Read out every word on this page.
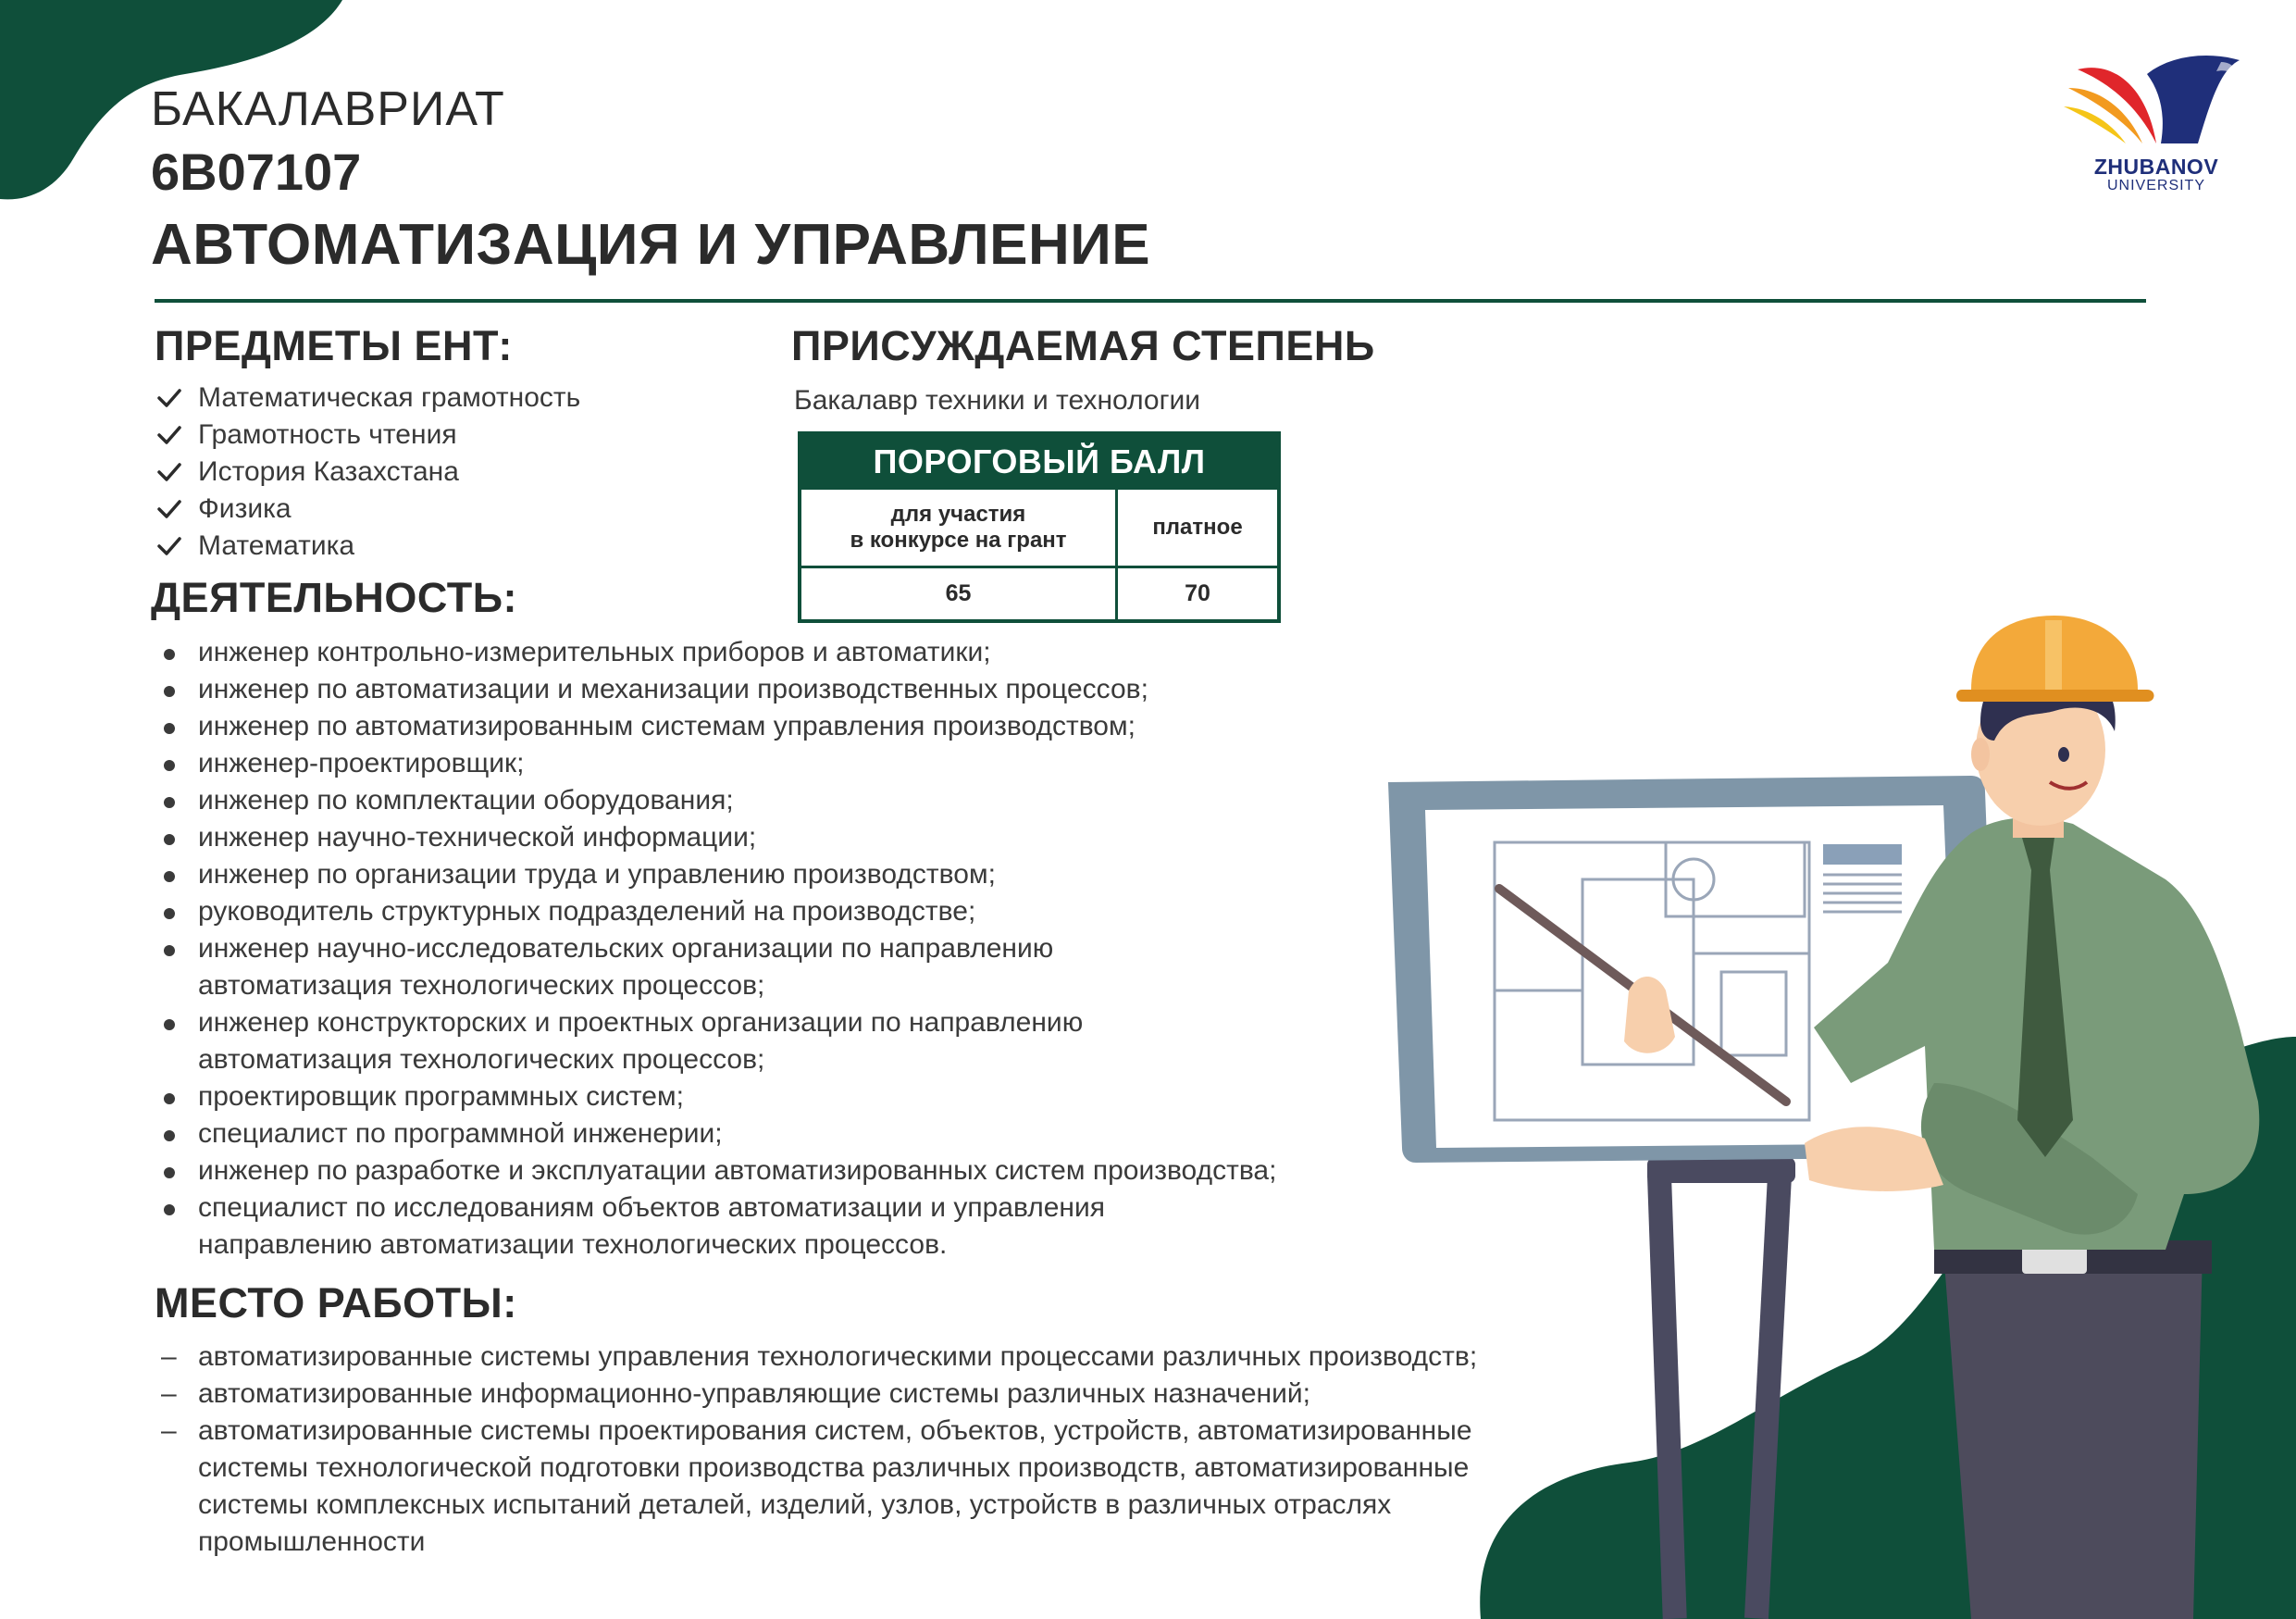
ZHUBANOV
UNIVERSITY
БАКАЛАВРИАТ
6B07107
АВТОМАТИЗАЦИЯ И УПРАВЛЕНИЕ
ПРЕДМЕТЫ ЕНТ:
Математическая грамотность
Грамотность чтения
История Казахстана
Физика
Математика
ПРИСУЖДАЕМАЯ СТЕПЕНЬ
Бакалавр техники и технологии
ПОРОГОВЫЙ БАЛЛ
для участия
в конкурсе на грант
платное
65	70
ДЕЯТЕЛЬНОСТЬ:
инженер контрольно-измерительных приборов и автоматики;
инженер по автоматизации и механизации производственных процессов;
инженер по автоматизированным системам управления производством;
инженер-проектировщик;
инженер по комплектации оборудования;
инженер научно-технической информации;
инженер по организации труда и управлению производством;
руководитель структурных подразделений на производстве;
инженер научно-исследовательских организации по направлению автоматизация технологических процессов;
инженер конструкторских и проектных организации по направлению автоматизация технологических процессов;
проектировщик программных систем;
специалист по программной инженерии;
инженер по разработке и эксплуатации автоматизированных систем производства;
специалист по исследованиям объектов автоматизации и управления направлению автоматизации технологических процессов.
МЕСТО РАБОТЫ:
– автоматизированные системы управления технологическими процессами различных производств;
– автоматизированные информационно-управляющие системы различных назначений;
– автоматизированные системы проектирования систем, объектов, устройств, автоматизированные системы технологической подготовки производства различных производств, автоматизированные системы комплексных испытаний деталей, изделий, узлов, устройств в различных отраслях промышленности
